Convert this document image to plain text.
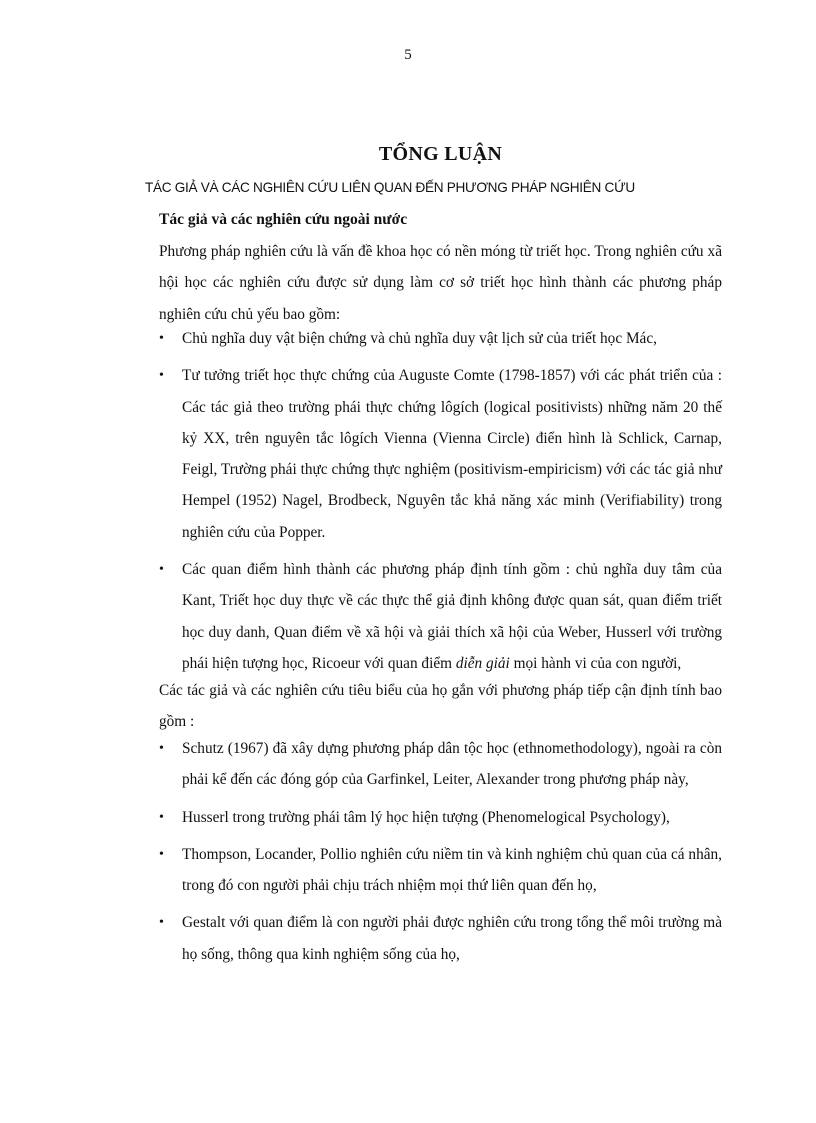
5
TỔNG LUẬN
TÁC GIẢ VÀ CÁC NGHIÊN CỨU LIÊN QUAN ĐẾN PHƯƠNG PHÁP NGHIÊN CỨU
Tác giả và các nghiên cứu ngoài nước
Phương pháp nghiên cứu là vấn đề khoa học có nền móng từ triết học. Trong nghiên cứu xã hội học các nghiên cứu được sử dụng làm cơ sở triết học hình thành các phương pháp nghiên cứu chủ yếu bao gồm:
• Chủ nghĩa duy vật biện chứng và chủ nghĩa duy vật lịch sử của triết học Mác,
• Tư tưởng triết học thực chứng của Auguste Comte (1798-1857) với các phát triển của : Các tác giả theo trường phái thực chứng lôgích (logical positivists) những năm 20 thế kỷ XX, trên nguyên tắc lôgích Vienna (Vienna Circle) điển hình là Schlick, Carnap, Feigl, Trường phái thực chứng thực nghiệm (positivism-empiricism) với các tác giả như Hempel (1952) Nagel, Brodbeck, Nguyên tắc khả năng xác minh (Verifiability) trong nghiên cứu của Popper.
• Các quan điểm hình thành các phương pháp định tính gồm : chủ nghĩa duy tâm của Kant, Triết học duy thực về các thực thể giả định không được quan sát, quan điểm triết học duy danh, Quan điểm về xã hội và giải thích xã hội của Weber, Husserl với trường phái hiện tượng học, Ricoeur với quan điểm diễn giải mọi hành vi của con người,
Các tác giả và các nghiên cứu tiêu biểu của họ gắn với phương pháp tiếp cận định tính bao gồm :
• Schutz (1967) đã xây dựng phương pháp dân tộc học (ethnomethodology), ngoài ra còn phải kể đến các đóng góp của Garfinkel, Leiter, Alexander trong phương pháp này,
• Husserl trong trường phái tâm lý học hiện tượng (Phenomelogical Psychology),
• Thompson, Locander, Pollio nghiên cứu niềm tin và kinh nghiệm chủ quan của cá nhân, trong đó con người phải chịu trách nhiệm mọi thứ liên quan đến họ,
• Gestalt với quan điểm là con người phải được nghiên cứu trong tổng thể môi trường mà họ sống, thông qua kinh nghiệm sống của họ,
